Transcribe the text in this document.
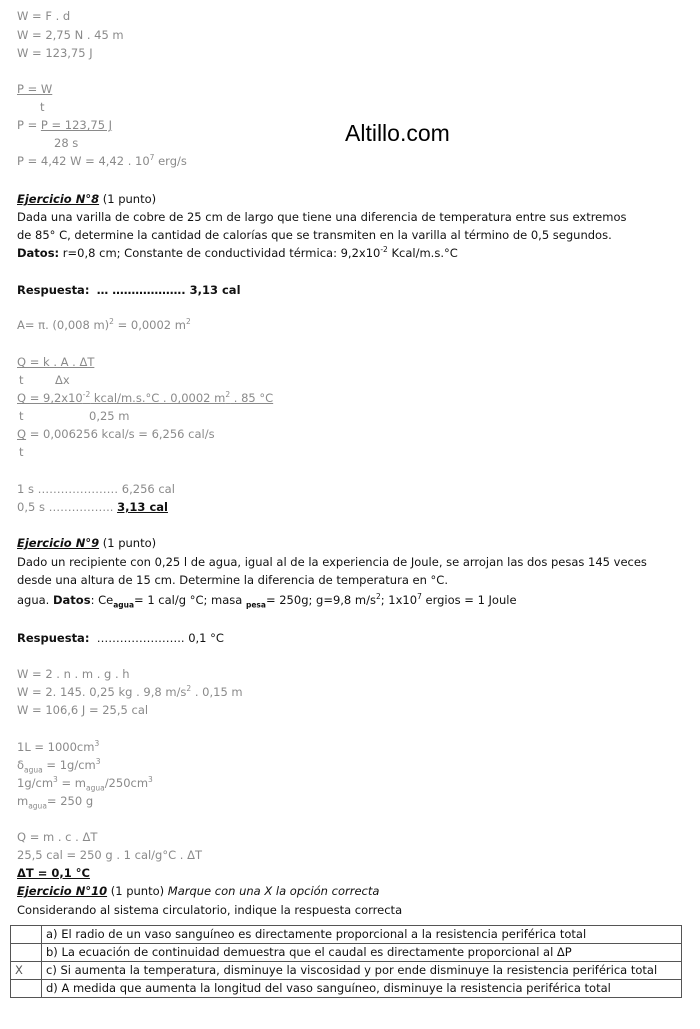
Altillo.com
W = F . d
W = 2,75 N . 45 m
W = 123,75 J
P = W
t
P = P = 123,75 J
28 s
P = 4,42 W = 4,42 . $10^7$ erg/s
Ejercicio N°8 (1 punto)
Dada una varilla de cobre de 25 cm de largo que tiene una diferencia de temperatura entre sus extremos
de 85° C, determine la cantidad de calorías que se transmiten en la varilla al término de 0,5 segundos.
Datos: r=0,8 cm; Constante de conductividad térmica: $9,2x10^{-2}$ Kcal/m.s.°C
Respuesta: … ………………. 3,13 cal
A= π. (0,008 m)$^2$ = 0,0002 $m^2$
Q = k . A . ΔT
t	Δx
$Q = 9,2x10^{-2}$ kcal/m.s.°C . 0,0002 $m^2$ . 85 °C
t	0,25 m
Q = 0,006256 kcal/s = 6,256 cal/s
t
1 s ………………… 6,256 cal
0,5 s …………….. 3,13 cal
Ejercicio N°9 (1 punto)
Dado un recipiente con 0,25 l de agua, igual al de la experiencia de Joule, se arrojan las dos pesas 145 veces
desde una altura de 15 cm. Determine la diferencia de temperatura en °C.
agua. Datos: $Ce_{agua}= 1$ cal/g °C; masa $_{pesa}$= 250g; g=9,8 $m/s^2$; $1x10^7$ ergios = 1 Joule
Respuesta:  ………………….. 0,1 °C
W = 2 . n . m . g . h
W = 2. 145. 0,25 kg . 9,8 $m/s^2$ . 0,15 m
W = 106,6 J = 25,5 cal
$1L = 1000cm^3$
$\delta_{agua} = 1g/cm^3$
$1g/cm^3 = m_{agua}/250cm^3$
$m_{agua}= 250$ g
Q = m . c . ΔT
25,5 cal = 250 g . 1 cal/g°C . ΔT
ΔT = 0,1 °C
Ejercicio N°10 (1 punto) Marque con una X la opción correcta
Considerando al sistema circulatorio, indique la respuesta correcta
	a) El radio de un vaso sanguíneo es directamente proporcional a la resistencia periférica total
	b) La ecuación de continuidad demuestra que el caudal es directamente proporcional al ΔP
X	c) Si aumenta la temperatura, disminuye la viscosidad y por ende disminuye la resistencia periférica total
	d) A medida que aumenta la longitud del vaso sanguíneo, disminuye la resistencia periférica total
